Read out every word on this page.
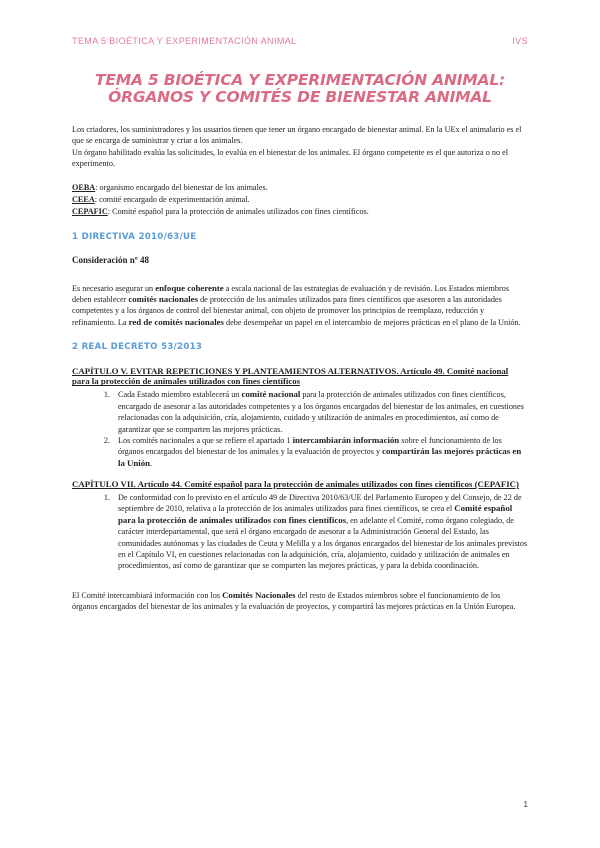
TEMA 5 BIOÉTICA Y EXPERIMENTACIÓN ANIMAL	IVS
TEMA 5 BIOÉTICA Y EXPERIMENTACIÓN ANIMAL:
ÓRGANOS Y COMITÉS DE BIENESTAR ANIMAL

Los criadores, los suministradores y los usuarios tienen que tener un órgano encargado de bienestar animal. En la UEx el animalario es el que se encarga de suministrar y criar a los animales.

Un órgano habilitado evalúa las solicitudes, lo evalúa en el bienestar de los animales. El órgano competente es el que autoriza o no el experimento.

OEBA: organismo encargado del bienestar de los animales.

CEEA: comité encargado de experimentación animal.

CEPAFIC: Comité español para la protección de animales utilizados con fines científicos.

1 DIRECTIVA 2010/63/UE
Consideración nº 48

Es necesario asegurar un enfoque coherente a escala nacional de las estrategias de evaluación y de revisión. Los Estados miembros deben establecer comités nacionales de protección de los animales utilizados para fines científicos que asesoren a las autoridades competentes y a los órganos de control del bienestar animal, con objeto de promover los principios de reemplazo, reducción y refinamiento. La red de comités nacionales debe desempeñar un papel en el intercambio de mejores prácticas en el plano de la Unión.

2 REAL DECRETO 53/2013

CAPÍTULO V. EVITAR REPETICIONES Y PLANTEAMIENTOS ALTERNATIVOS. Artículo 49. Comité nacional para la protección de animales utilizados con fines científicos

1. Cada Estado miembro establecerá un comité nacional para la protección de animales utilizados con fines científicos, encargado de asesorar a las autoridades competentes y a los órganos encargados del bienestar de los animales, en cuestiones relacionadas con la adquisición, cría, alojamiento, cuidado y utilización de animales en procedimientos, así como de garantizar que se comparten las mejores prácticas.
2. Los comités nacionales a que se refiere el apartado 1 intercambiarán información sobre el funcionamiento de los órganos encargados del bienestar de los animales y la evaluación de proyectos y compartirán las mejores prácticas en la Unión.

CAPÍTULO VII. Artículo 44. Comité español para la protección de animales utilizados con fines científicos (CEPAFIC)

1. De conformidad con lo previsto en el artículo 49 de Directiva 2010/63/UE del Parlamento Europeo y del Consejo, de 22 de septiembre de 2010, relativa a la protección de los animales utilizados para fines científicos, se crea el Comité español para la protección de animales utilizados con fines científicos, en adelante el Comité, como órgano colegiado, de carácter interdepartamental, que será el órgano encargado de asesorar a la Administración General del Estado, las comunidades autónomas y las ciudades de Ceuta y Melilla y a los órganos encargados del bienestar de los animales previstos en el Capítulo VI, en cuestiones relacionadas con la adquisición, cría, alojamiento, cuidado y utilización de animales en procedimientos, así como de garantizar que se comparten las mejores prácticas, y para la debida coordinación.

El Comité intercambiará información con los Comités Nacionales del resto de Estados miembros sobre el funcionamiento de los órganos encargados del bienestar de los animales y la evaluación de proyectos, y compartirá las mejores prácticas en la Unión Europea.

1
